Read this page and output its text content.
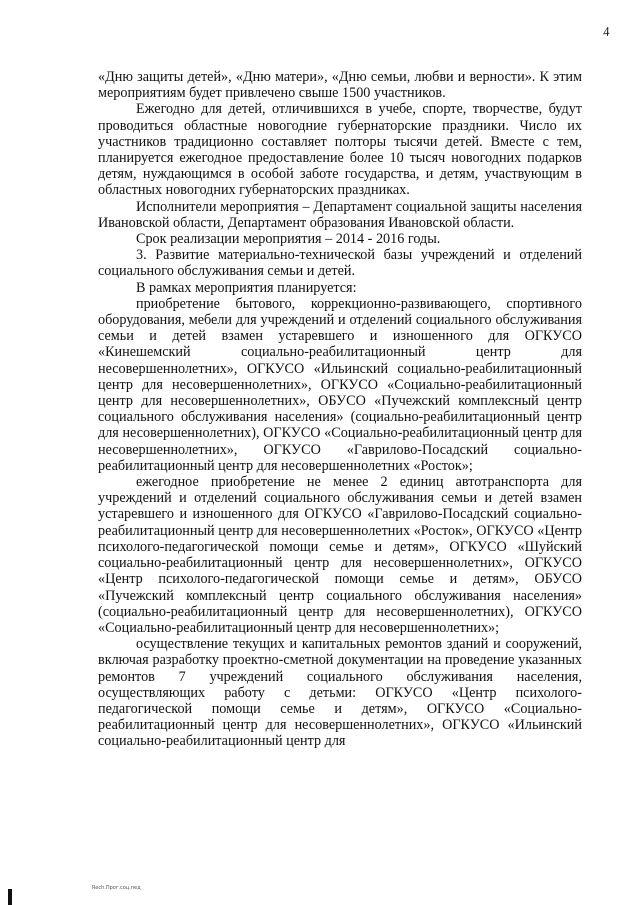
4

«Дню защиты детей», «Дню матери», «Дню семьи, любви и верности». К этим мероприятиям будет привлечено свыше 1500 участников.

Ежегодно для детей, отличившихся в учебе, спорте, творчестве, будут проводиться областные новогодние губернаторские праздники. Число их участников традиционно составляет полторы тысячи детей. Вместе с тем, планируется ежегодное предоставление более 10 тысяч новогодних подарков детям, нуждающимся в особой заботе государства, и детям, участвующим в областных новогодних губернаторских праздниках.

Исполнители мероприятия – Департамент социальной защиты населения Ивановской области, Департамент образования Ивановской области.

Срок реализации мероприятия – 2014 - 2016 годы.

3. Развитие материально-технической базы учреждений и отделений социального обслуживания семьи и детей.

В рамках мероприятия планируется:

приобретение бытового, коррекционно-развивающего, спортивного оборудования, мебели для учреждений и отделений социального обслуживания семьи и детей взамен устаревшего и изношенного для ОГКУСО «Кинешемский социально-реабилитационный центр для несовершеннолетних», ОГКУСО «Ильинский социально-реабилитационный центр для несовершеннолетних», ОГКУСО «Социально-реабилитационный центр для несовершеннолетних», ОБУСО «Пучежский комплексный центр социального обслуживания населения» (социально-реабилитационный центр для несовершеннолетних), ОГКУСО «Социально-реабилитационный центр для несовершеннолетних», ОГКУСО «Гаврилово-Посадский социально-реабилитационный центр для несовершеннолетних «Росток»;

ежегодное приобретение не менее 2 единиц автотранспорта для учреждений и отделений социального обслуживания семьи и детей взамен устаревшего и изношенного для ОГКУСО «Гаврилово-Посадский социально-реабилитационный центр для несовершеннолетних «Росток», ОГКУСО «Центр психолого-педагогической помощи семье и детям», ОГКУСО «Шуйский социально-реабилитационный центр для несовершеннолетних», ОГКУСО «Центр психолого-педагогической помощи семье и детям», ОБУСО «Пучежский комплексный центр социального обслуживания населения» (социально-реабилитационный центр для несовершеннолетних), ОГКУСО «Социально-реабилитационный центр для несовершеннолетних»;

осуществление текущих и капитальных ремонтов зданий и сооружений, включая разработку проектно-сметной документации на проведение указанных ремонтов 7 учреждений социального обслуживания населения, осуществляющих работу с детьми: ОГКУСО «Центр психолого-педагогической помощи семье и детям», ОГКУСО «Социально-реабилитационный центр для несовершеннолетних», ОГКУСО «Ильинский социально-реабилитационный центр для

Rech.Прог.соц.пед
